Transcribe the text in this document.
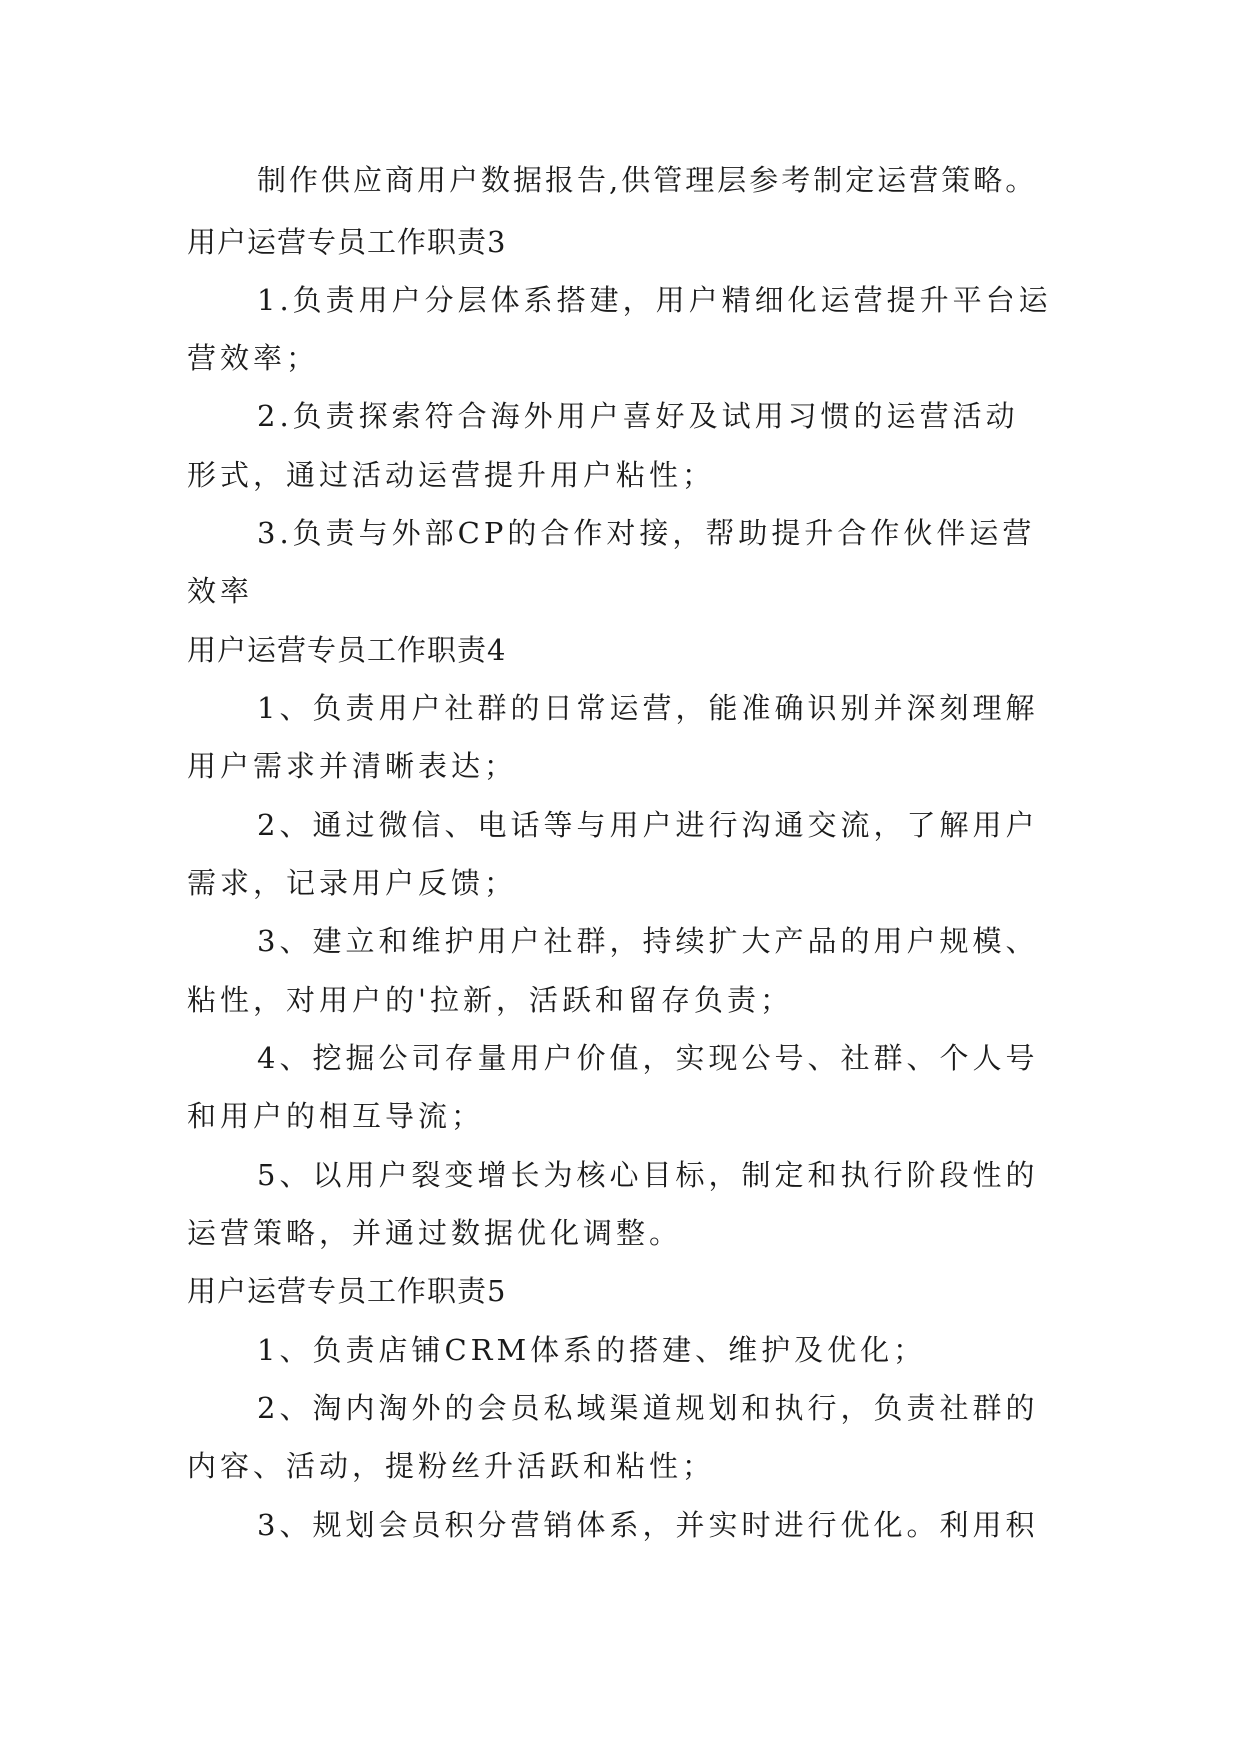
制作供应商用户数据报告,供管理层参考制定运营策略。
用户运营专员工作职责3
1.负责用户分层体系搭建，用户精细化运营提升平台运
营效率；
2.负责探索符合海外用户喜好及试用习惯的运营活动
形式，通过活动运营提升用户粘性；
3.负责与外部CP的合作对接，帮助提升合作伙伴运营
效率
用户运营专员工作职责4
1、负责用户社群的日常运营，能准确识别并深刻理解
用户需求并清晰表达；
2、通过微信、电话等与用户进行沟通交流，了解用户
需求，记录用户反馈；
3、建立和维护用户社群，持续扩大产品的用户规模、
粘性，对用户的'拉新，活跃和留存负责；
4、挖掘公司存量用户价值，实现公号、社群、个人号
和用户的相互导流；
5、以用户裂变增长为核心目标，制定和执行阶段性的
运营策略，并通过数据优化调整。
用户运营专员工作职责5
1、负责店铺CRM体系的搭建、维护及优化；
2、淘内淘外的会员私域渠道规划和执行，负责社群的
内容、活动，提粉丝升活跃和粘性；
3、规划会员积分营销体系，并实时进行优化。利用积
